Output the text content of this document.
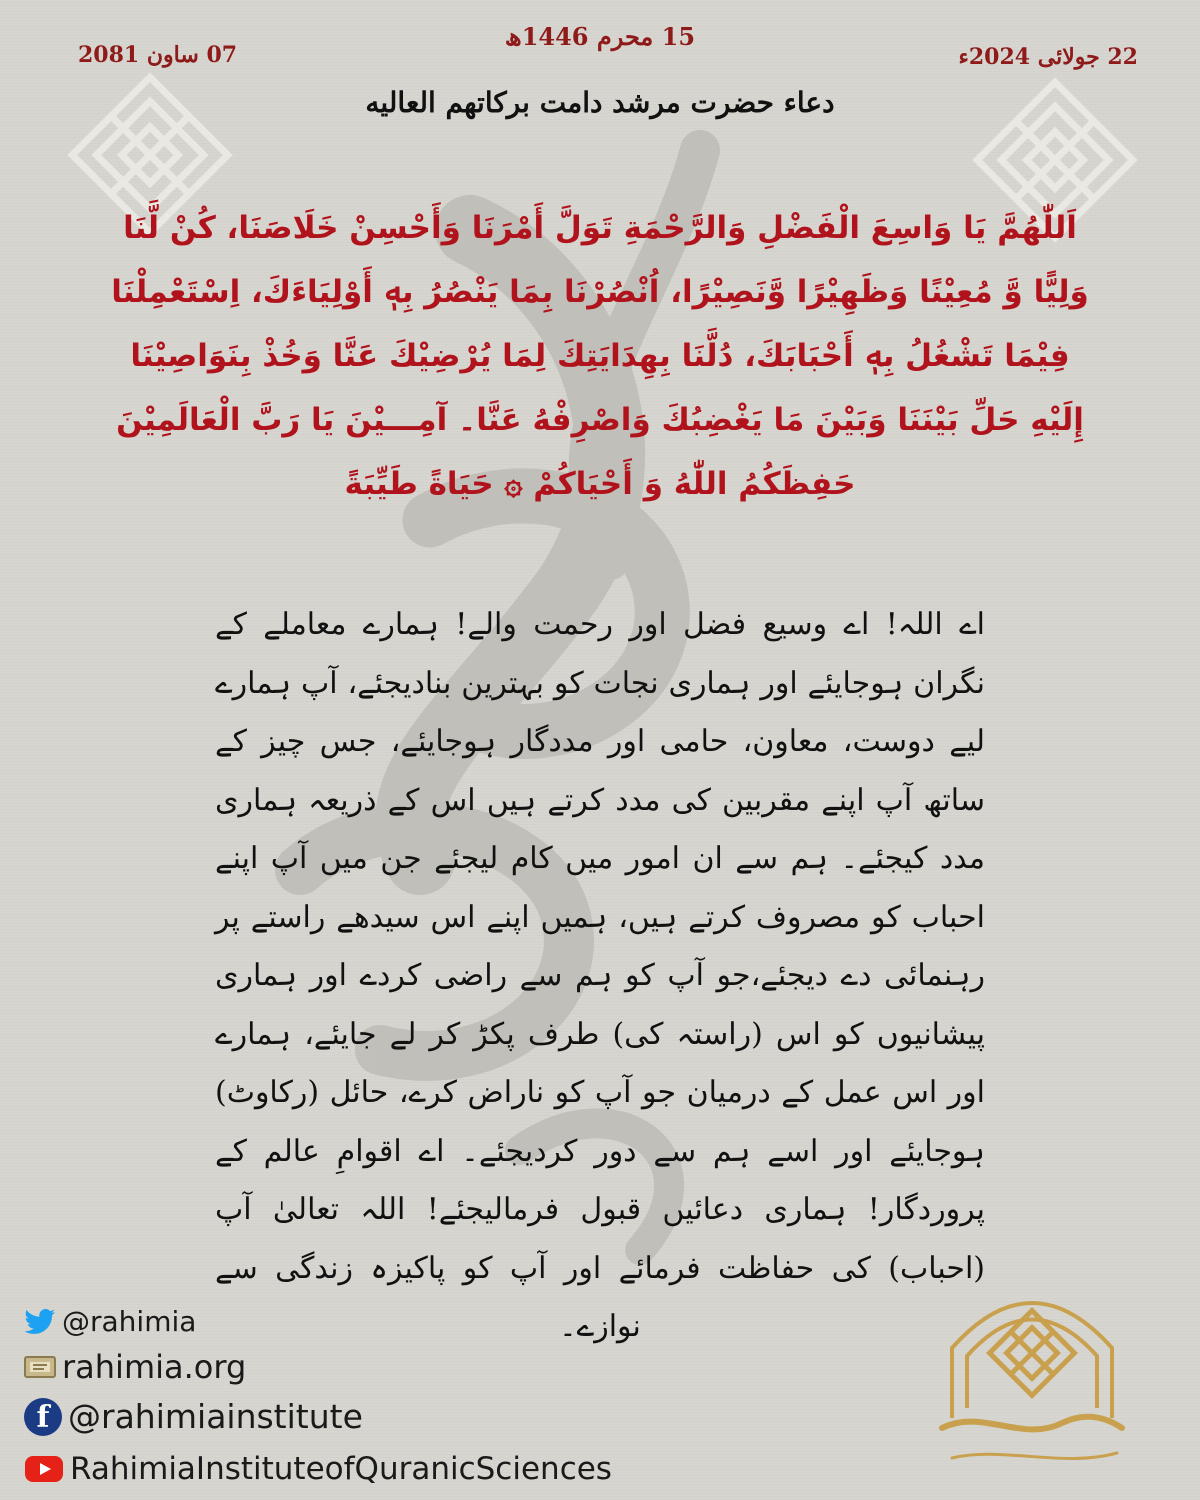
07 ساون 2081
15 محرم 1446ھ
22 جولائی 2024ء
دعاء حضرت مرشد دامت برکاتهم العالیه
اَللّٰهُمَّ يَا وَاسِعَ الْفَضْلِ وَالرَّحْمَةِ تَوَلَّ أَمْرَنَا وَأَحْسِنْ خَلَاصَنَا، كُنْ لَّنَا وَلِيًّا وَّ مُعِيْنًا وَظَهِيْرًا وَّنَصِيْرًا، اُنْصُرْنَا بِمَا يَنْصُرُ بِهٖ أَوْلِيَاءَكَ، اِسْتَعْمِلْنَا فِيْمَا تَشْغُلُ بِهٖ أَحْبَابَكَ، دُلَّنَا بِهِدَايَتِكَ لِمَا يُرْضِيْكَ عَنَّا وَخُذْ بِنَوَاصِيْنَا إِلَيْهِ حَلِّ بَيْنَنَا وَبَيْنَ مَا يَغْضِبُكَ وَاصْرِفْهُ عَنَّا۔ آمِـــيْنَ يَا رَبَّ الْعَالَمِيْنَ حَفِظَكُمُ اللّٰهُ وَ أَحْيَاكُمْ ۞ حَيَاةً طَيِّبَةً
اے اللہ! اے وسیع فضل اور رحمت والے! ہمارے معاملے کے نگران ہوجایئے اور ہماری نجات کو بہترین بنادیجئے، آپ ہمارے لیے دوست، معاون، حامی اور مددگار ہوجایئے، جس چیز کے ساتھ آپ اپنے مقربین کی مدد کرتے ہیں اس کے ذریعہ ہماری مدد کیجئے۔ ہم سے ان امور میں کام لیجئے جن میں آپ اپنے احباب کو مصروف کرتے ہیں، ہمیں اپنے اس سیدھے راستے پر رہنمائی دے دیجئے،جو آپ کو ہم سے راضی کردے اور ہماری پیشانیوں کو اس (راستہ کی) طرف پکڑ کر لے جایئے، ہمارے اور اس عمل کے درمیان جو آپ کو ناراض کرے، حائل (رکاوٹ) ہوجایئے اور اسے ہم سے دور کردیجئے۔ اے اقوامِ عالم کے پروردگار! ہماری دعائیں قبول فرمالیجئے! اللہ تعالیٰ آپ (احباب) کی حفاظت فرمائے اور آپ کو پاکیزہ زندگی سے نوازے۔
@rahimia
rahimia.org
f @rahimiainstitute
RahimiaInstituteofQuranicSciences
